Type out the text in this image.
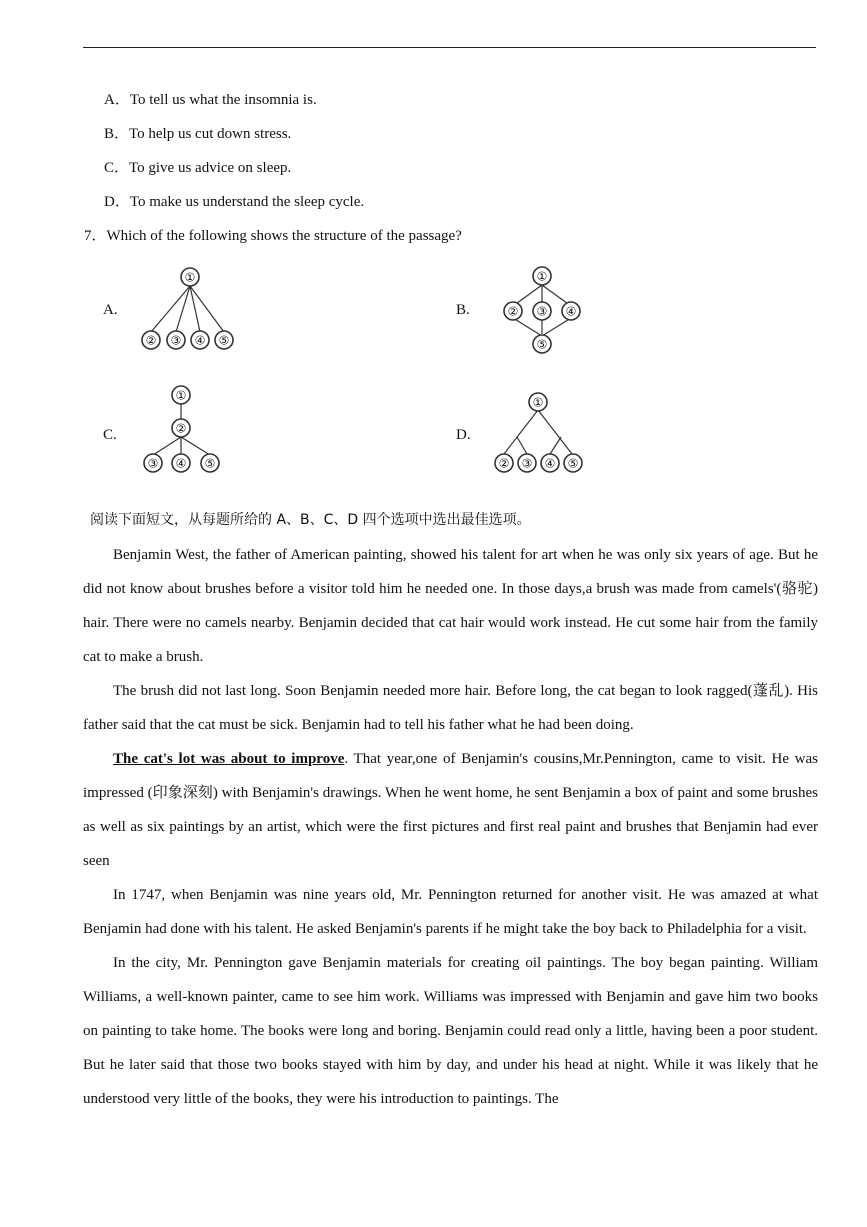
A．To tell us what the insomnia is.
B．To help us cut down stress.
C．To give us advice on sleep.
D．To make us understand the sleep cycle.
7．Which of the following shows the structure of the passage?
A.	B.
C.	D.
①
② ③ ④ ⑤
①
② ③ ④
⑤
①
②
③ ④ ⑤
①
② ③ ④ ⑤
阅读下面短文，从每题所给的 A、B、C、D 四个选项中选出最佳选项。

Benjamin West, the father of American painting, showed his talent for art when he was only six years of age. But he did not know about brushes before a visitor told him he needed one. In those days,a brush was made from camels'(骆驼) hair. There were no camels nearby. Benjamin decided that cat hair would work instead. He cut some hair from the family cat to make a brush.

The brush did not last long. Soon Benjamin needed more hair. Before long, the cat began to look ragged(蓬乱). His father said that the cat must be sick. Benjamin had to tell his father what he had been doing.

The cat's lot was about to improve. That year,one of Benjamin's cousins,Mr.Pennington, came to visit. He was impressed (印象深刻) with Benjamin's drawings. When he went home, he sent Benjamin a box of paint and some brushes as well as six paintings by an artist, which were the first pictures and first real paint and brushes that Benjamin had ever seen

In 1747, when Benjamin was nine years old, Mr. Pennington returned for another visit. He was amazed at what Benjamin had done with his talent. He asked Benjamin's parents if he might take the boy back to Philadelphia for a visit.

In the city, Mr. Pennington gave Benjamin materials for creating oil paintings. The boy began painting. William Williams, a well-known painter, came to see him work. Williams was impressed with Benjamin and gave him two books on painting to take home. The books were long and boring. Benjamin could read only a little, having been a poor student. But he later said that those two books stayed with him by day, and under his head at night. While it was likely that he understood very little of the books, they were his introduction to paintings. The
